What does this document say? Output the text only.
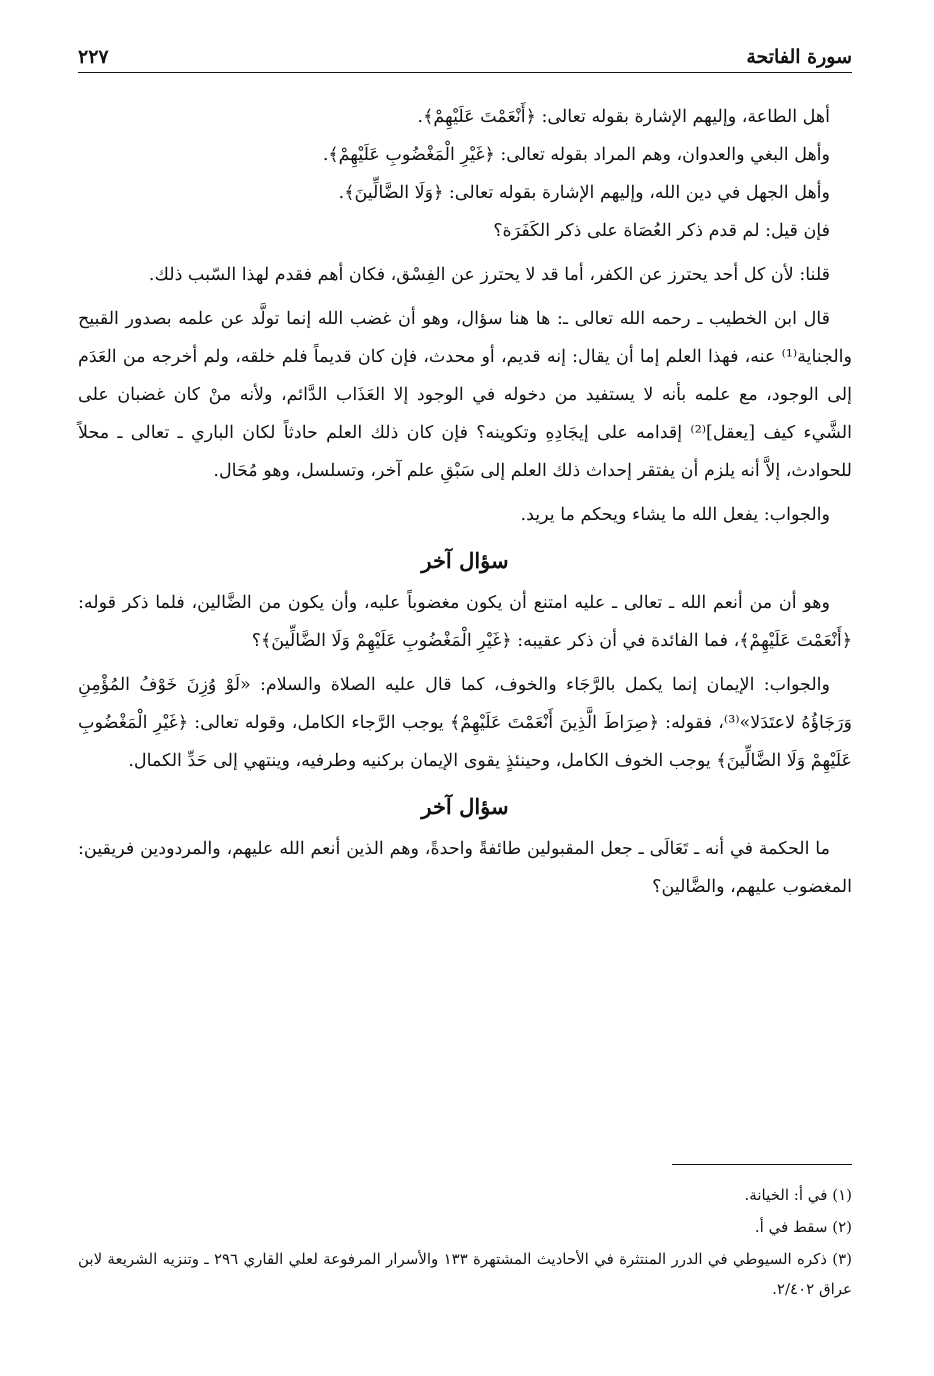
سورة الفاتحة
٢٢٧

أهل الطاعة، وإليهم الإشارة بقوله تعالى: ﴿أَنْعَمْتَ عَلَيْهِمْ﴾.

وأهل البغي والعدوان، وهم المراد بقوله تعالى: ﴿غَيْرِ الْمَغْضُوبِ عَلَيْهِمْ﴾.

وأهل الجهل في دين الله، وإليهم الإشارة بقوله تعالى: ﴿وَلَا الضَّالِّينَ﴾.

فإن قيل: لم قدم ذكر العُصَاة على ذكر الكَفَرَة؟

قلنا: لأن كل أحد يحترز عن الكفر، أما قد لا يحترز عن الفِسْق، فكان أهم فقدم لهذا السّبب ذلك.

قال ابن الخطيب ـ رحمه الله تعالى ـ: ها هنا سؤال، وهو أن غضب الله إنما تولَّد عن علمه بصدور القبيح والجناية⁽¹⁾ عنه، فهذا العلم إما أن يقال: إنه قديم، أو محدث، فإن كان قديماً فلم خلقه، ولم أخرجه من العَدَم إلى الوجود، مع علمه بأنه لا يستفيد من دخوله في الوجود إلا العَذَاب الدَّائم، ولأنه منْ كان غضبان على الشَّيء كيف [يعقل]⁽²⁾ إقدامه على إيجَادِهِ وتكوينه؟ فإن كان ذلك العلم حادثاً لكان الباري ـ تعالى ـ محلاً للحوادث، إلاَّ أنه يلزم أن يفتقر إحداث ذلك العلم إلى سَبْقِ علم آخر، وتسلسل، وهو مُحَال.

والجواب: يفعل الله ما يشاء ويحكم ما يريد.

سؤال آخر

وهو أن من أنعم الله ـ تعالى ـ عليه امتنع أن يكون مغضوباً عليه، وأن يكون من الضَّالين، فلما ذكر قوله: ﴿أَنْعَمْتَ عَلَيْهِمْ﴾، فما الفائدة في أن ذكر عقيبه: ﴿غَيْرِ الْمَغْضُوبِ عَلَيْهِمْ وَلَا الضَّالِّينَ﴾؟

والجواب: الإيمان إنما يكمل بالرَّجَاء والخوف، كما قال عليه الصلاة والسلام: «لَوْ وُزِنَ خَوْفُ المُؤْمِنِ وَرَجَاؤُهُ لاعتَدَلا»⁽³⁾، فقوله: ﴿صِرَاطَ الَّذِينَ أَنْعَمْتَ عَلَيْهِمْ﴾ يوجب الرَّجاء الكامل، وقوله تعالى: ﴿غَيْرِ الْمَغْضُوبِ عَلَيْهِمْ وَلَا الضَّالِّينَ﴾ يوجب الخوف الكامل، وحينئذٍ يقوى الإيمان بركنيه وطرفيه، وينتهي إلى حَدِّ الكمال.

سؤال آخر

ما الحكمة في أنه ـ تَعَالَى ـ جعل المقبولين طائفةً واحدةً، وهم الذين أنعم الله عليهم، والمردودين فريقين: المغضوب عليهم، والضَّالين؟

(١) في أ: الخيانة.

(٢) سقط في أ.

(٣) ذكره السيوطي في الدرر المنتثرة في الأحاديث المشتهرة ١٣٣ والأسرار المرفوعة لعلي القاري ٢٩٦ ـ وتنزيه الشريعة لابن عراق ٢/٤٠٢.
